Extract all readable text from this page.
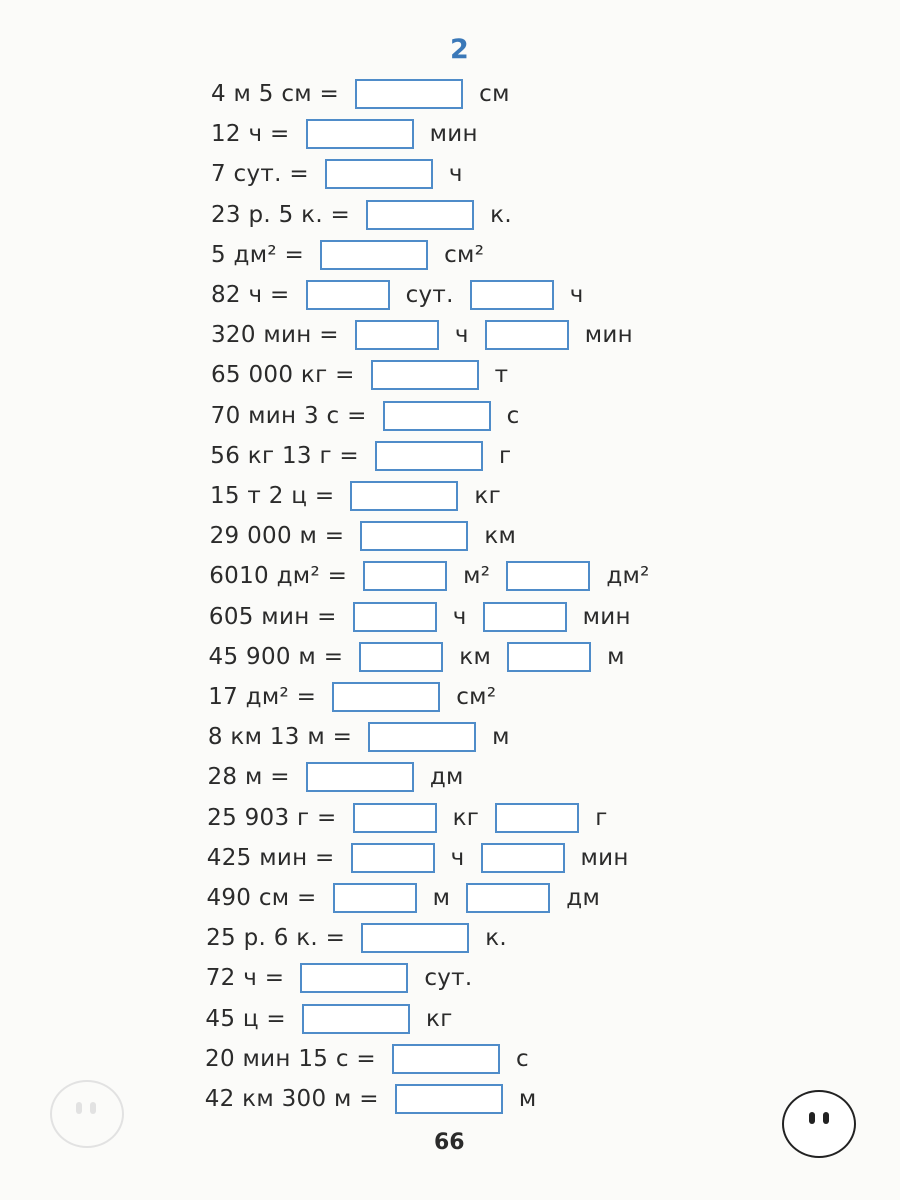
2
4 м 5 см =	см
12 ч =	мин
7 сут. =	ч
23 р. 5 к. =	к.
5 дм² =	см²
82 ч =	сут.	ч
320 мин =	ч	мин
65 000 кг =	т
70 мин 3 с =	с
56 кг 13 г =	г
15 т 2 ц =	кг
29 000 м =	км
6010 дм² =	м²	дм²
605 мин =	ч	мин
45 900 м =	км	м
17 дм² =	см²
8 км 13 м =	м
28 м =	дм
25 903 г =	кг	г
425 мин =	ч	мин
490 см =	м	дм
25 р. 6 к. =	к.
72 ч =	сут.
45 ц =	кг
20 мин 15 с =	с
42 км 300 м =	м
66
